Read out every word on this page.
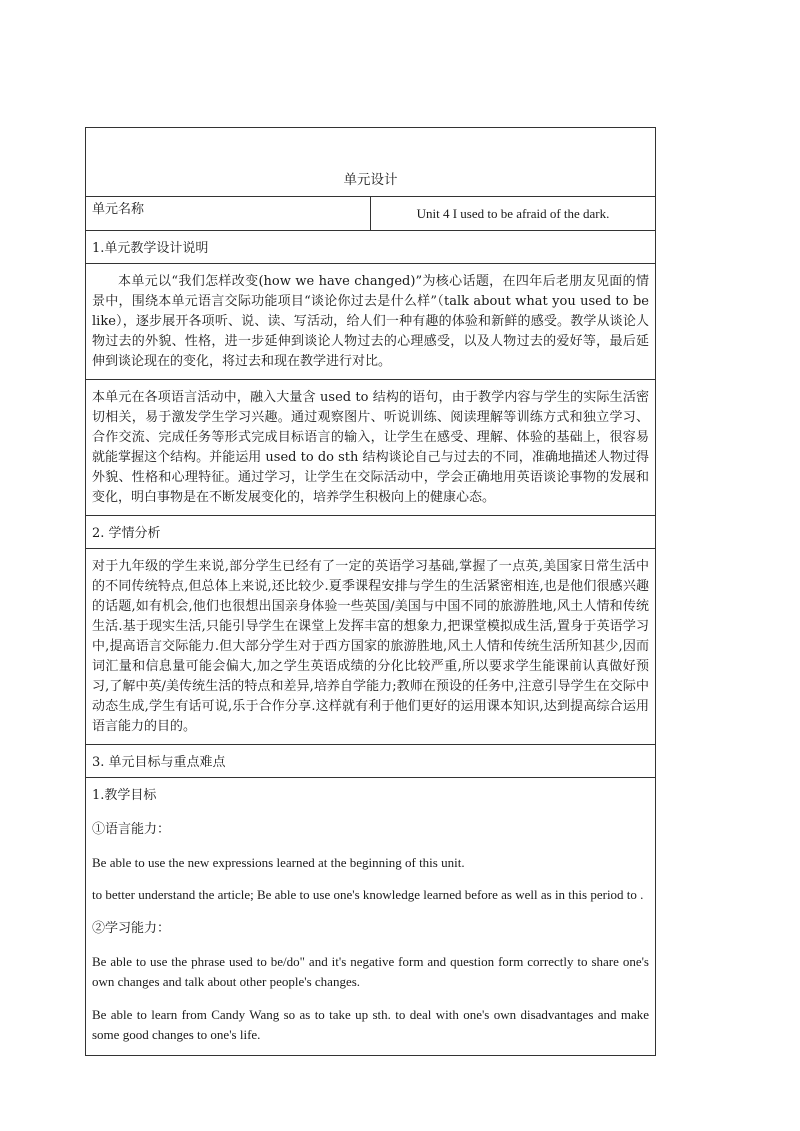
单元设计
单元名称	Unit 4 I used to be afraid of the dark.

1.单元教学设计说明

本单元以“我们怎样改变(how we have changed)”为核心话题，在四年后老朋友见面的情景中，围绕本单元语言交际功能项目“谈论你过去是什么样”（talk about what you used to be like），逐步展开各项听、说、读、写活动，给人们一种有趣的体验和新鲜的感受。教学从谈论人物过去的外貌、性格，进一步延伸到谈论人物过去的心理感受，以及人物过去的爱好等，最后延伸到谈论现在的变化，将过去和现在教学进行对比。

本单元在各项语言活动中，融入大量含 used to 结构的语句，由于教学内容与学生的实际生活密切相关，易于激发学生学习兴趣。通过观察图片、听说训练、阅读理解等训练方式和独立学习、合作交流、完成任务等形式完成目标语言的输入，让学生在感受、理解、体验的基础上，很容易就能掌握这个结构。并能运用 used to do sth 结构谈论自己与过去的不同，准确地描述人物过得外貌、性格和心理特征。通过学习，让学生在交际活动中，学会正确地用英语谈论事物的发展和变化，明白事物是在不断发展变化的，培养学生积极向上的健康心态。

2. 学情分析

对于九年级的学生来说,部分学生已经有了一定的英语学习基础,掌握了一点英,美国家日常生活中的不同传统特点,但总体上来说,还比较少.夏季课程安排与学生的生活紧密相连,也是他们很感兴趣的话题,如有机会,他们也很想出国亲身体验一些英国/美国与中国不同的旅游胜地,风土人情和传统生活.基于现实生活,只能引导学生在课堂上发挥丰富的想象力,把课堂模拟成生活,置身于英语学习中,提高语言交际能力.但大部分学生对于西方国家的旅游胜地,风土人情和传统生活所知甚少,因而词汇量和信息量可能会偏大,加之学生英语成绩的分化比较严重,所以要求学生能课前认真做好预习,了解中英/美传统生活的特点和差异,培养自学能力;教师在预设的任务中,注意引导学生在交际中动态生成,学生有话可说,乐于合作分享.这样就有利于他们更好的运用课本知识,达到提高综合运用语言能力的目的。

3. 单元目标与重点难点

1.教学目标

①语言能力：

Be able to use the new expressions learned at the beginning of this unit.

to better understand the article; Be able to use one's knowledge learned before as well as in this period to .

②学习能力：

Be able to use the phrase used to be/do" and it's negative form and question form correctly to share one's own changes and talk about other people's changes.

Be able to learn from Candy Wang so as to take up sth. to deal with one's own disadvantages and make some good changes to one's life.
